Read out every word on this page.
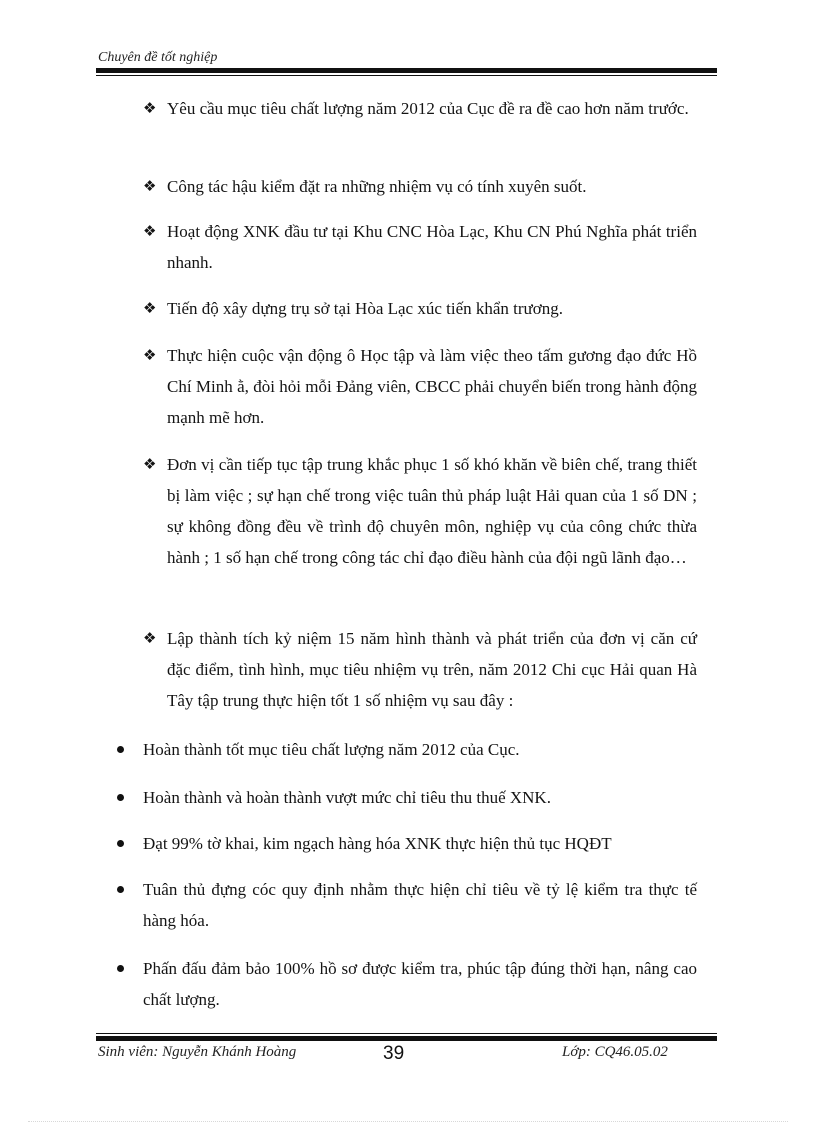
Chuyên đề tốt nghiệp
❖ Yêu cầu mục tiêu chất lượng năm 2012 của Cục đề ra đề cao hơn năm trước.
❖ Công tác hậu kiểm đặt ra những nhiệm vụ có tính xuyên suốt.
❖ Hoạt động XNK đầu tư tại Khu CNC Hòa Lạc, Khu CN Phú Nghĩa phát triển nhanh.
❖ Tiến độ xây dựng trụ sở tại Hòa Lạc xúc tiến khẩn trương.
❖ Thực hiện cuộc vận động ô Học tập và làm việc theo tấm gương đạo đức Hồ Chí Minh ằ, đòi hỏi mỗi Đảng viên, CBCC phải chuyển biến trong hành động mạnh mẽ hơn.
❖ Đơn vị cần tiếp tục tập trung khắc phục 1 số khó khăn về biên chế, trang thiết bị làm việc ; sự hạn chế trong việc tuân thủ pháp luật Hải quan của 1 số DN ; sự không đồng đều về trình độ chuyên môn, nghiệp vụ của công chức thừa hành ; 1 số hạn chế trong công tác chỉ đạo điều hành của đội ngũ lãnh đạo…
❖ Lập thành tích kỷ niệm 15 năm hình thành và phát triển của đơn vị căn cứ đặc điểm, tình hình, mục tiêu nhiệm vụ trên, năm 2012 Chi cục Hải quan Hà Tây tập trung thực hiện tốt 1 số nhiệm vụ sau đây :
Hoàn thành tốt mục tiêu chất lượng năm 2012 của Cục.
Hoàn thành và hoàn thành vượt mức chỉ tiêu thu thuế XNK.
Đạt 99% tờ khai, kim ngạch hàng hóa XNK thực hiện thủ tục HQĐT
Tuân thủ đựng cóc quy định nhằm thực hiện chỉ tiêu về tỷ lệ kiểm tra thực tế hàng hóa.
Phấn đấu đảm bảo 100% hồ sơ được kiểm tra, phúc tập đúng thời hạn, nâng cao chất lượng.
Sinh viên: Nguyễn Khánh Hoàng	39	Lớp: CQ46.05.02
